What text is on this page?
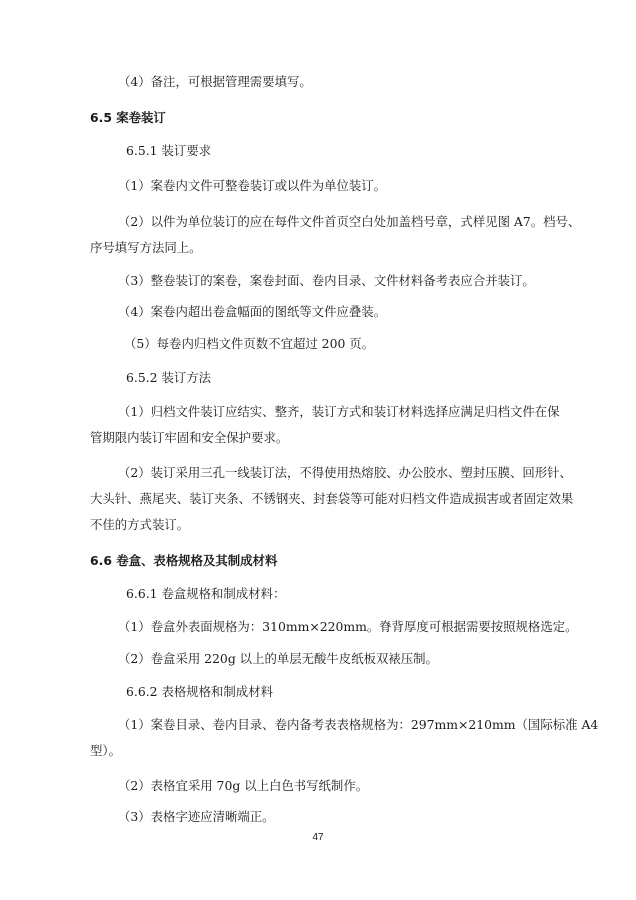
（4）备注，可根据管理需要填写。
6.5 案卷装订
6.5.1 装订要求
（1）案卷内文件可整卷装订或以件为单位装订。
（2）以件为单位装订的应在每件文件首页空白处加盖档号章，式样见图 A7。档号、
序号填写方法同上。
（3）整卷装订的案卷，案卷封面、卷内目录、文件材料备考表应合并装订。
（4）案卷内超出卷盒幅面的图纸等文件应叠装。
（5）每卷内归档文件页数不宜超过 200 页。
6.5.2 装订方法
（1）归档文件装订应结实、整齐，装订方式和装订材料选择应满足归档文件在保
管期限内装订牢固和安全保护要求。
（2）装订采用三孔一线装订法，不得使用热熔胶、办公胶水、塑封压膜、回形针、
大头针、燕尾夹、装订夹条、不锈钢夹、封套袋等可能对归档文件造成损害或者固定效果
不佳的方式装订。
6.6 卷盒、表格规格及其制成材料
6.6.1 卷盒规格和制成材料：
（1）卷盒外表面规格为：310mm×220mm。脊背厚度可根据需要按照规格选定。
（2）卷盒采用 220g 以上的单层无酸牛皮纸板双裱压制。
6.6.2 表格规格和制成材料
（1）案卷目录、卷内目录、卷内备考表表格规格为：297mm×210mm（国际标准 A4
型）。
（2）表格宜采用 70g 以上白色书写纸制作。
（3）表格字迹应清晰端正。
47
